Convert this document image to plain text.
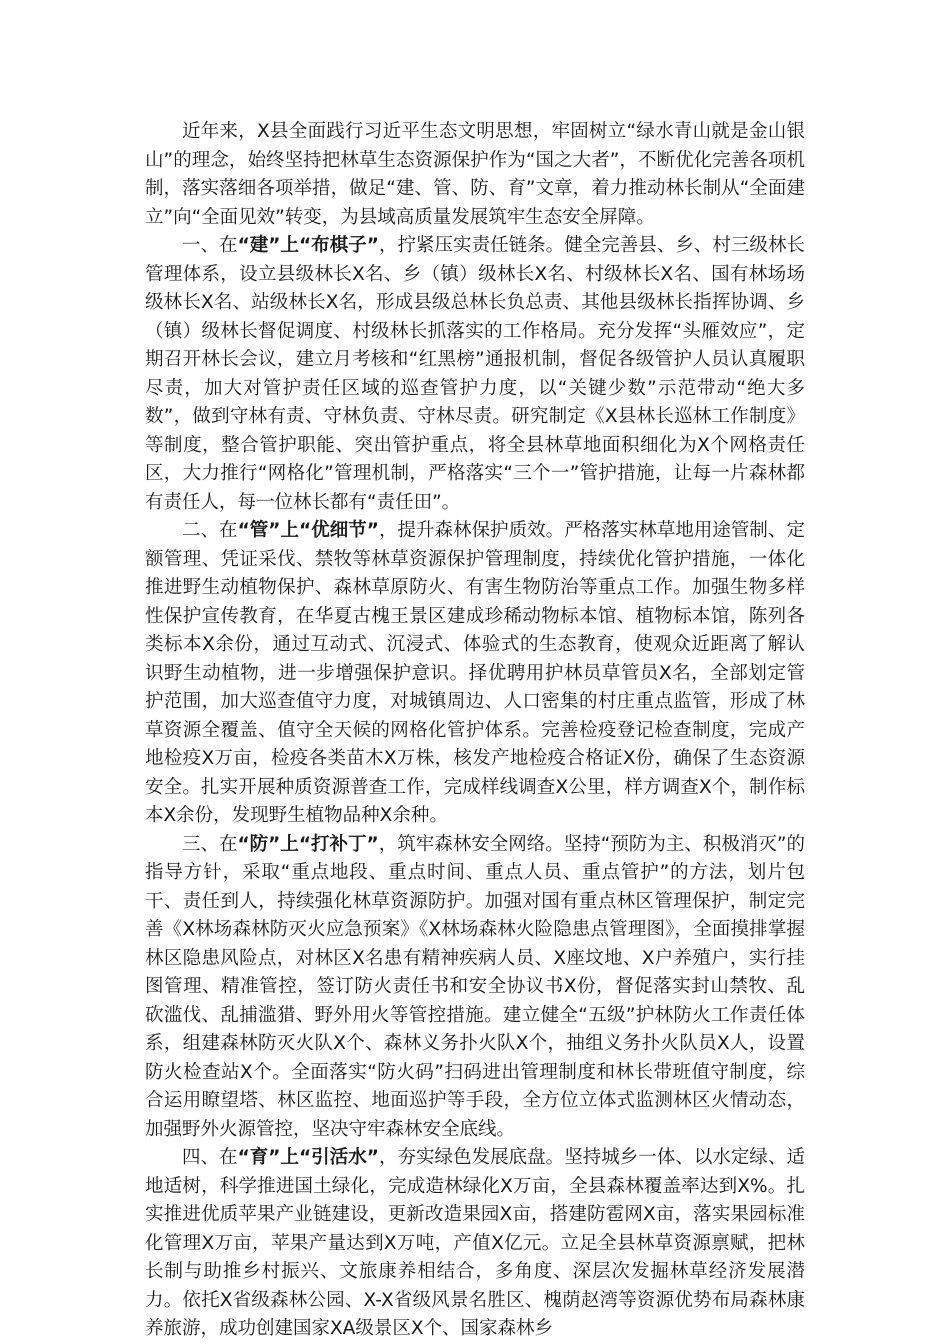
近年来，X县全面践行习近平生态文明思想，牢固树立“绿水青山就是金山银山”的理念，始终坚持把林草生态资源保护作为“国之大者”，不断优化完善各项机制，落实落细各项举措，做足“建、管、防、育”文章，着力推动林长制从“全面建立”向“全面见效”转变，为县域高质量发展筑牢生态安全屏障。

一、在“建”上“布棋子”，拧紧压实责任链条。健全完善县、乡、村三级林长管理体系，设立县级林长X名、乡（镇）级林长X名、村级林长X名、国有林场场级林长X名、站级林长X名，形成县级总林长负总责、其他县级林长指挥协调、乡（镇）级林长督促调度、村级林长抓落实的工作格局。充分发挥“头雁效应”，定期召开林长会议，建立月考核和“红黑榜”通报机制，督促各级管护人员认真履职尽责，加大对管护责任区域的巡查管护力度，以“关键少数”示范带动“绝大多数”，做到守林有责、守林负责、守林尽责。研究制定《X县林长巡林工作制度》等制度，整合管护职能、突出管护重点，将全县林草地面积细化为X个网格责任区，大力推行“网格化”管理机制，严格落实“三个一”管护措施，让每一片森林都有责任人，每一位林长都有“责任田”。

二、在“管”上“优细节”，提升森林保护质效。严格落实林草地用途管制、定额管理、凭证采伐、禁牧等林草资源保护管理制度，持续优化管护措施，一体化推进野生动植物保护、森林草原防火、有害生物防治等重点工作。加强生物多样性保护宣传教育，在华夏古槐王景区建成珍稀动物标本馆、植物标本馆，陈列各类标本X余份，通过互动式、沉浸式、体验式的生态教育，使观众近距离了解认识野生动植物，进一步增强保护意识。择优聘用护林员草管员X名，全部划定管护范围，加大巡查值守力度，对城镇周边、人口密集的村庄重点监管，形成了林草资源全覆盖、值守全天候的网格化管护体系。完善检疫登记检查制度，完成产地检疫X万亩，检疫各类苗木X万株，核发产地检疫合格证X份，确保了生态资源安全。扎实开展种质资源普查工作，完成样线调查X公里，样方调查X个，制作标本X余份，发现野生植物品种X余种。

三、在“防”上“打补丁”，筑牢森林安全网络。坚持“预防为主、积极消灭”的指导方针，采取“重点地段、重点时间、重点人员、重点管护”的方法，划片包干、责任到人，持续强化林草资源防护。加强对国有重点林区管理保护，制定完善《X林场森林防灭火应急预案》《X林场森林火险隐患点管理图》，全面摸排掌握林区隐患风险点，对林区X名患有精神疾病人员、X座坟地、X户养殖户，实行挂图管理、精准管控，签订防火责任书和安全协议书X份，督促落实封山禁牧、乱砍滥伐、乱捕滥猎、野外用火等管控措施。建立健全“五级”护林防火工作责任体系，组建森林防灭火队X个、森林义务扑火队X个，抽组义务扑火队员X人，设置防火检查站X个。全面落实“防火码”扫码进出管理制度和林长带班值守制度，综合运用瞭望塔、林区监控、地面巡护等手段，全方位立体式监测林区火情动态，加强野外火源管控，坚决守牢森林安全底线。

四、在“育”上“引活水”，夯实绿色发展底盘。坚持城乡一体、以水定绿、适地适树，科学推进国土绿化，完成造林绿化X万亩，全县森林覆盖率达到X%。扎实推进优质苹果产业链建设，更新改造果园X亩，搭建防雹网X亩，落实果园标准化管理X万亩，苹果产量达到X万吨，产值X亿元。立足全县林草资源禀赋，把林长制与助推乡村振兴、文旅康养相结合，多角度、深层次发掘林草经济发展潜力。依托X省级森林公园、X-X省级风景名胜区、槐荫赵湾等资源优势布局森林康养旅游，成功创建国家XA级景区X个、国家森林乡
